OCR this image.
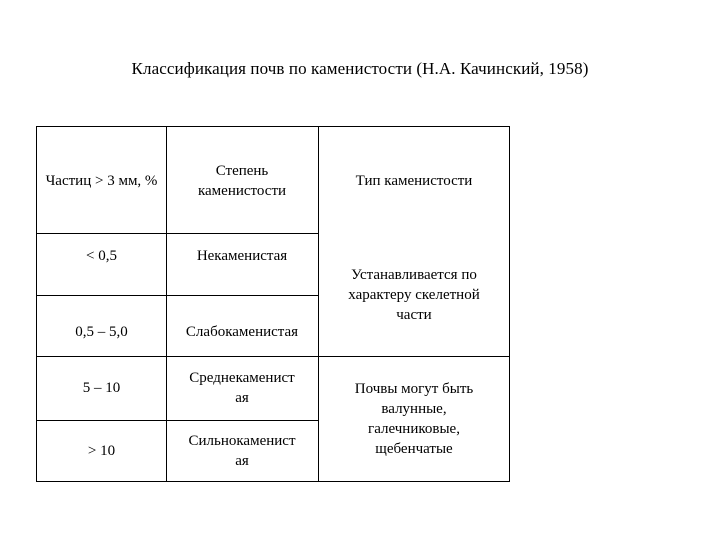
Классификация почв по каменистости (Н.А. Качинский, 1958)
Частиц > 3 мм, %
Степень каменистости
Тип каменистости
< 0,5	Некаменистая
0,5 – 5,0	Слабокаменистая
5 – 10
Среднекаменист ая
> 10
Сильнокаменист ая
Устанавливается по характеру скелетной части
Почвы могут быть валунные, галечниковые, щебенчатые
